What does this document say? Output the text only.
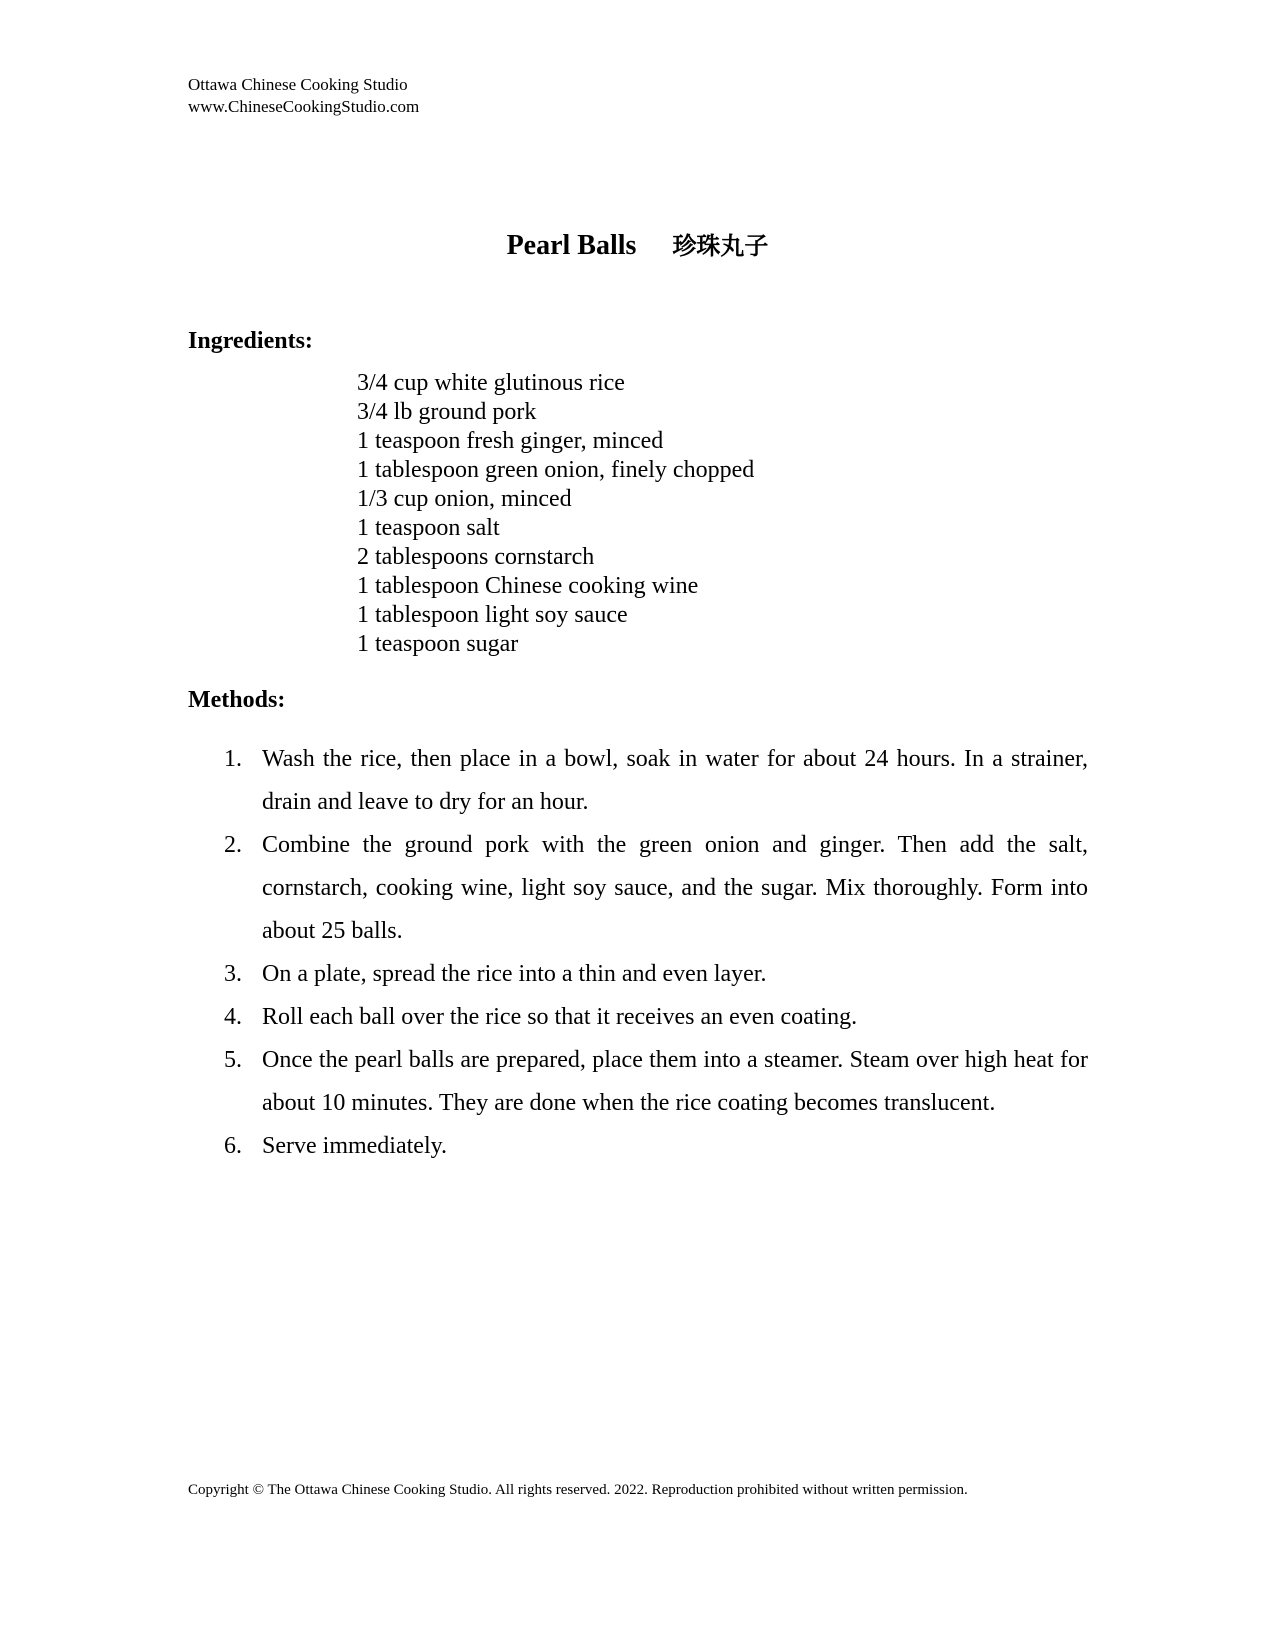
Ottawa Chinese Cooking Studio
www.ChineseCookingStudio.com
Pearl Balls 珍珠丸子
Ingredients:
3/4 cup white glutinous rice
3/4 lb ground pork
1 teaspoon fresh ginger, minced
1 tablespoon green onion, finely chopped
1/3 cup onion, minced
1 teaspoon salt
2 tablespoons cornstarch
1 tablespoon Chinese cooking wine
1 tablespoon light soy sauce
1 teaspoon sugar
Methods:
1. Wash the rice, then place in a bowl, soak in water for about 24 hours. In a strainer, drain and leave to dry for an hour.
2. Combine the ground pork with the green onion and ginger. Then add the salt, cornstarch, cooking wine, light soy sauce, and the sugar. Mix thoroughly. Form into about 25 balls.
3. On a plate, spread the rice into a thin and even layer.
4. Roll each ball over the rice so that it receives an even coating.
5. Once the pearl balls are prepared, place them into a steamer. Steam over high heat for about 10 minutes. They are done when the rice coating becomes translucent.
6. Serve immediately.
Copyright © The Ottawa Chinese Cooking Studio. All rights reserved. 2022. Reproduction prohibited without written permission.
